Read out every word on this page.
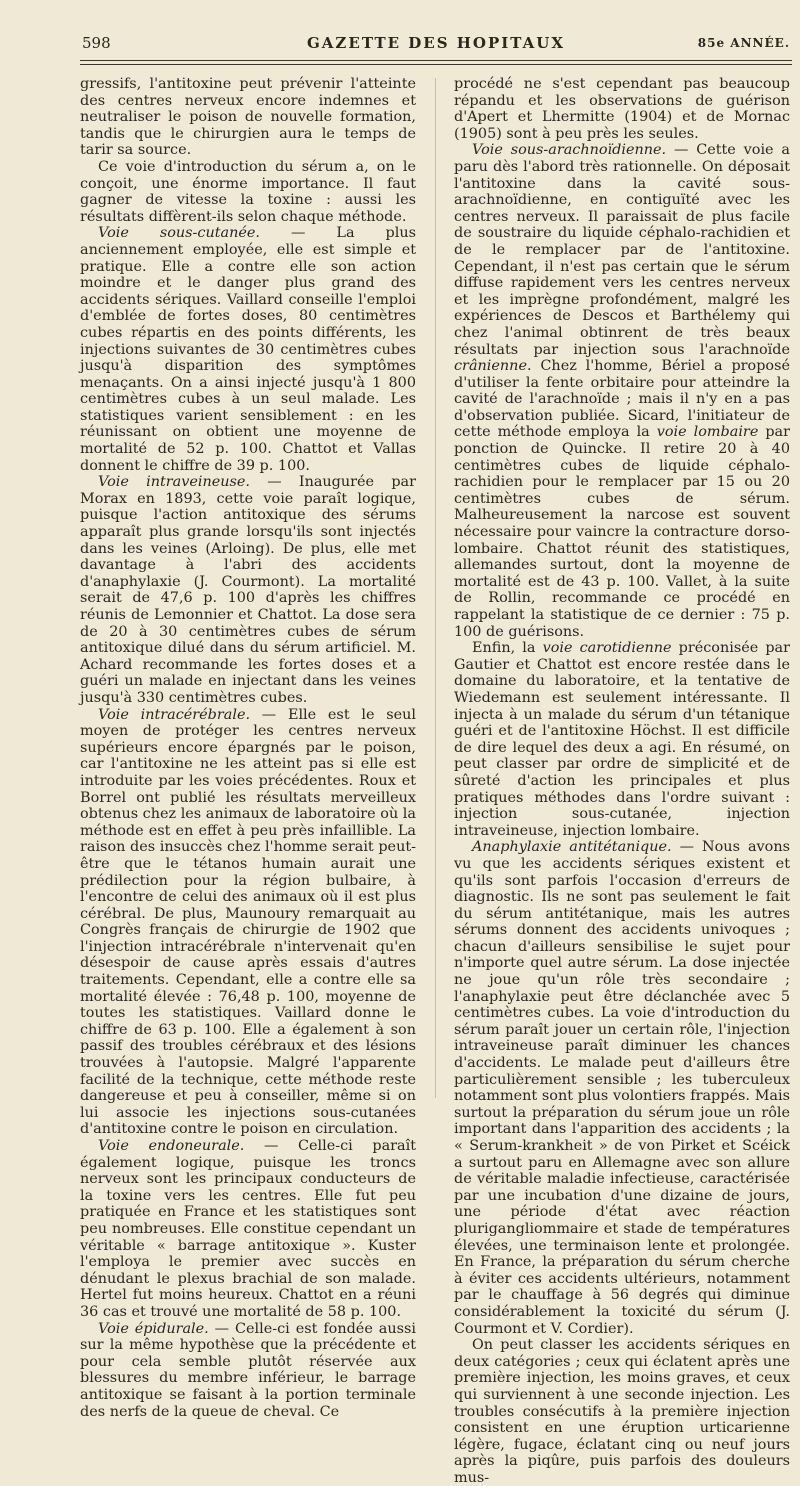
598	GAZETTE DES HOPITAUX	85e ANNÉE.

gressifs, l'antitoxine peut prévenir l'atteinte des centres nerveux encore indemnes et neutraliser le poison de nouvelle formation, tandis que le chirurgien aura le temps de tarir sa source.

Ce voie d'introduction du sérum a, on le conçoit, une énorme importance. Il faut gagner de vitesse la toxine : aussi les résultats diffèrent-ils selon chaque méthode.

Voie sous-cutanée. — La plus anciennement employée, elle est simple et pratique. Elle a contre elle son action moindre et le danger plus grand des accidents sériques. Vaillard conseille l'emploi d'emblée de fortes doses, 80 centimètres cubes répartis en des points différents, les injections suivantes de 30 centimètres cubes jusqu'à disparition des symptômes menaçants. On a ainsi injecté jusqu'à 1 800 centimètres cubes à un seul malade. Les statistiques varient sensiblement : en les réunissant on obtient une moyenne de mortalité de 52 p. 100. Chattot et Vallas donnent le chiffre de 39 p. 100.

Voie intraveineuse. — Inaugurée par Morax en 1893, cette voie paraît logique, puisque l'action antitoxique des sérums apparaît plus grande lorsqu'ils sont injectés dans les veines (Arloing). De plus, elle met davantage à l'abri des accidents d'anaphylaxie (J. Courmont). La mortalité serait de 47,6 p. 100 d'après les chiffres réunis de Lemonnier et Chattot. La dose sera de 20 à 30 centimètres cubes de sérum antitoxique dilué dans du sérum artificiel. M. Achard recommande les fortes doses et a guéri un malade en injectant dans les veines jusqu'à 330 centimètres cubes.

Voie intracérébrale. — Elle est le seul moyen de protéger les centres nerveux supérieurs encore épargnés par le poison, car l'antitoxine ne les atteint pas si elle est introduite par les voies précédentes. Roux et Borrel ont publié les résultats merveilleux obtenus chez les animaux de laboratoire où la méthode est en effet à peu près infaillible. La raison des insuccès chez l'homme serait peut-être que le tétanos humain aurait une prédilection pour la région bulbaire, à l'encontre de celui des animaux où il est plus cérébral. De plus, Maunoury remarquait au Congrès français de chirurgie de 1902 que l'injection intracérébrale n'intervenait qu'en désespoir de cause après essais d'autres traitements. Cependant, elle a contre elle sa mortalité élevée : 76,48 p. 100, moyenne de toutes les statistiques. Vaillard donne le chiffre de 63 p. 100. Elle a également à son passif des troubles cérébraux et des lésions trouvées à l'autopsie. Malgré l'apparente facilité de la technique, cette méthode reste dangereuse et peu à conseiller, même si on lui associe les injections sous-cutanées d'antitoxine contre le poison en circulation.

Voie endoneurale. — Celle-ci paraît également logique, puisque les troncs nerveux sont les principaux conducteurs de la toxine vers les centres. Elle fut peu pratiquée en France et les statistiques sont peu nombreuses. Elle constitue cependant un véritable « barrage antitoxique ». Kuster l'employa le premier avec succès en dénudant le plexus brachial de son malade. Hertel fut moins heureux. Chattot en a réuni 36 cas et trouvé une mortalité de 58 p. 100.

Voie épidurale. — Celle-ci est fondée aussi sur la même hypothèse que la précédente et pour cela semble plutôt réservée aux blessures du membre inférieur, le barrage antitoxique se faisant à la portion terminale des nerfs de la queue de cheval. Ce

procédé ne s'est cependant pas beaucoup répandu et les observations de guérison d'Apert et Lhermitte (1904) et de Mornac (1905) sont à peu près les seules.

Voie sous-arachnoïdienne. — Cette voie a paru dès l'abord très rationnelle. On déposait l'antitoxine dans la cavité sous-arachnoïdienne, en contiguïté avec les centres nerveux. Il paraissait de plus facile de soustraire du liquide céphalo-rachidien et de le remplacer par de l'antitoxine. Cependant, il n'est pas certain que le sérum diffuse rapidement vers les centres nerveux et les imprègne profondément, malgré les expériences de Descos et Barthélemy qui chez l'animal obtinrent de très beaux résultats par injection sous l'arachnoïde crânienne. Chez l'homme, Bériel a proposé d'utiliser la fente orbitaire pour atteindre la cavité de l'arachnoïde ; mais il n'y en a pas d'observation publiée. Sicard, l'initiateur de cette méthode employa la voie lombaire par ponction de Quincke. Il retire 20 à 40 centimètres cubes de liquide céphalo-rachidien pour le remplacer par 15 ou 20 centimètres cubes de sérum. Malheureusement la narcose est souvent nécessaire pour vaincre la contracture dorso-lombaire. Chattot réunit des statistiques, allemandes surtout, dont la moyenne de mortalité est de 43 p. 100. Vallet, à la suite de Rollin, recommande ce procédé en rappelant la statistique de ce dernier : 75 p. 100 de guérisons.

Enfin, la voie carotidienne préconisée par Gautier et Chattot est encore restée dans le domaine du laboratoire, et la tentative de Wiedemann est seulement intéressante. Il injecta à un malade du sérum d'un tétanique guéri et de l'antitoxine Höchst. Il est difficile de dire lequel des deux a agi. En résumé, on peut classer par ordre de simplicité et de sûreté d'action les principales et plus pratiques méthodes dans l'ordre suivant : injection sous-cutanée, injection intraveineuse, injection lombaire.

Anaphylaxie antitétanique. — Nous avons vu que les accidents sériques existent et qu'ils sont parfois l'occasion d'erreurs de diagnostic. Ils ne sont pas seulement le fait du sérum antitétanique, mais les autres sérums donnent des accidents univoques ; chacun d'ailleurs sensibilise le sujet pour n'importe quel autre sérum. La dose injectée ne joue qu'un rôle très secondaire ; l'anaphylaxie peut être déclanchée avec 5 centimètres cubes. La voie d'introduction du sérum paraît jouer un certain rôle, l'injection intraveineuse paraît diminuer les chances d'accidents. Le malade peut d'ailleurs être particulièrement sensible ; les tuberculeux notamment sont plus volontiers frappés. Mais surtout la préparation du sérum joue un rôle important dans l'apparition des accidents ; la « Serum-krankheit » de von Pirket et Scéick a surtout paru en Allemagne avec son allure de véritable maladie infectieuse, caractérisée par une incubation d'une dizaine de jours, une période d'état avec réaction plurigangliommaire et stade de températures élevées, une terminaison lente et prolongée. En France, la préparation du sérum cherche à éviter ces accidents ultérieurs, notamment par le chauffage à 56 degrés qui diminue considérablement la toxicité du sérum (J. Courmont et V. Cordier).

On peut classer les accidents sériques en deux catégories ; ceux qui éclatent après une première injection, les moins graves, et ceux qui surviennent à une seconde injection. Les troubles consécutifs à la première injection consistent en une éruption urticarienne légère, fugace, éclatant cinq ou neuf jours après la piqûre, puis parfois des douleurs mus-
